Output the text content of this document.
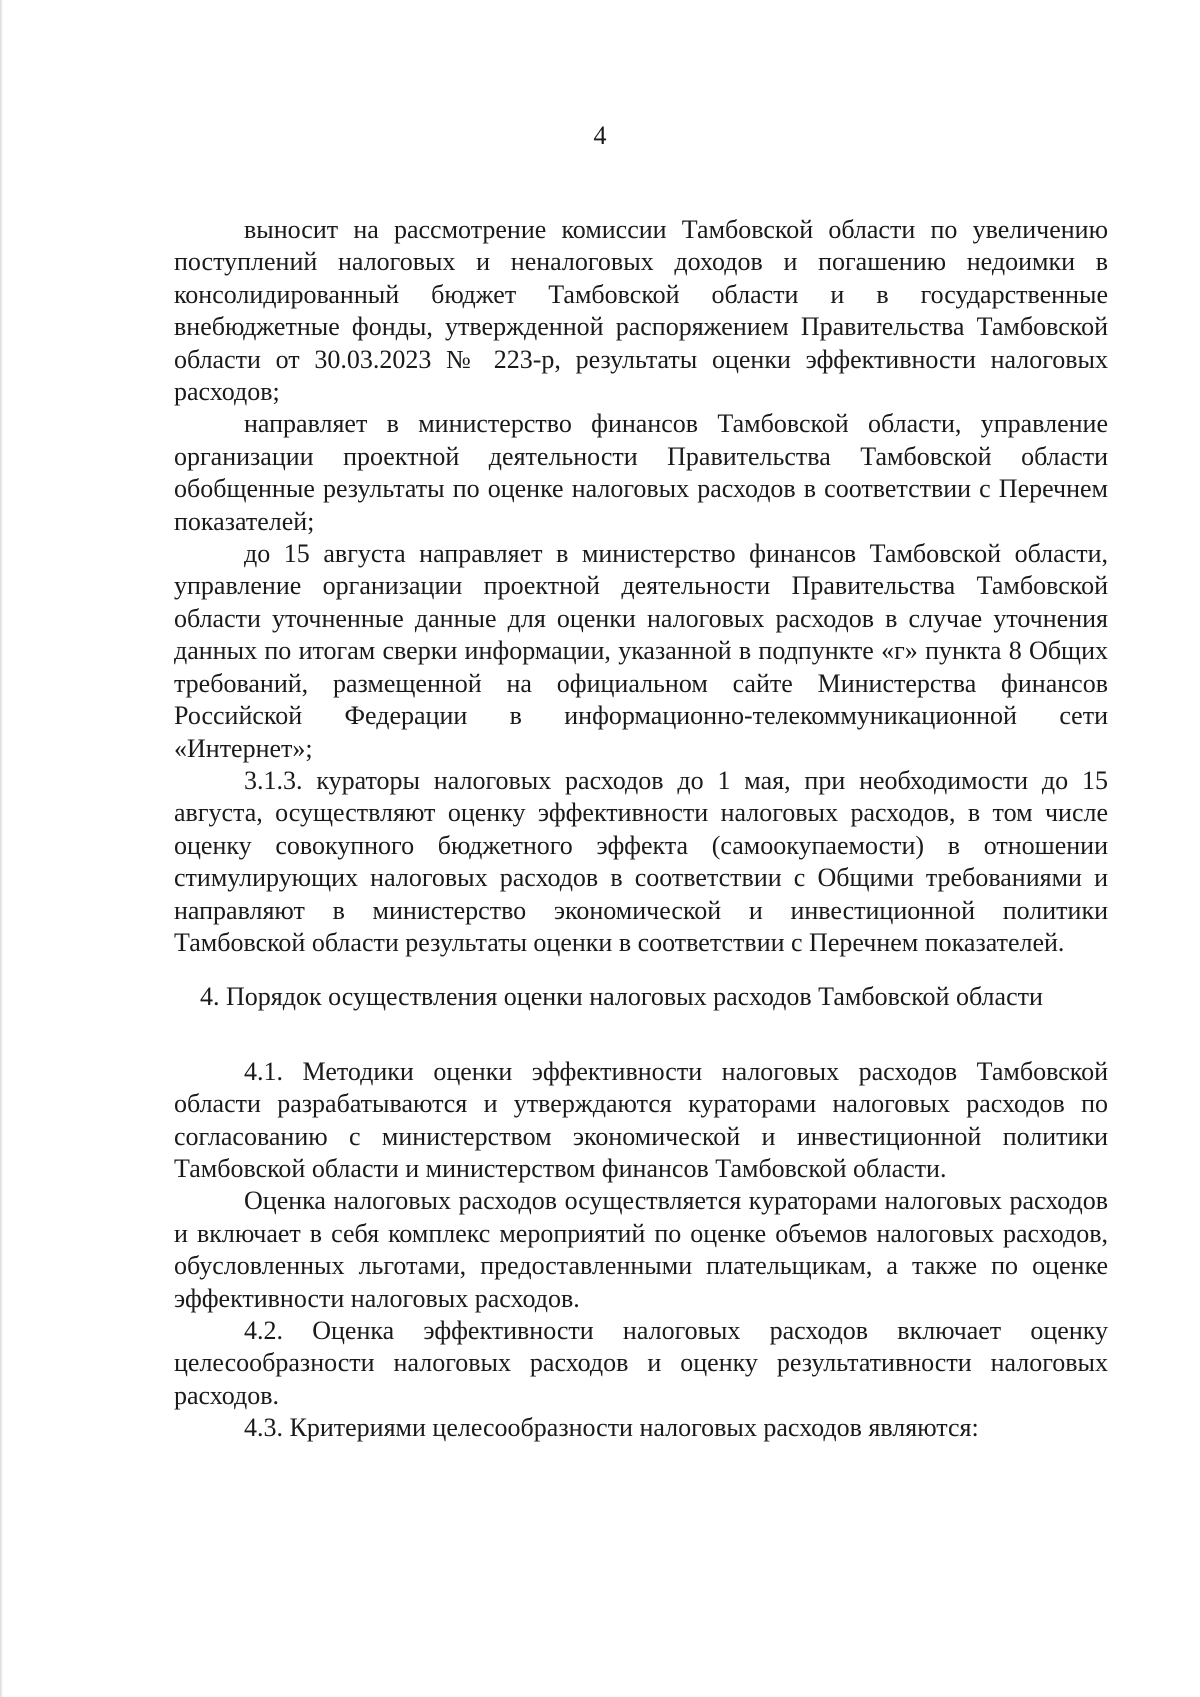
4

выносит на рассмотрение комиссии Тамбовской области по увеличению поступлений налоговых и неналоговых доходов и погашению недоимки в консолидированный бюджет Тамбовской области и в государственные внебюджетные фонды, утвержденной распоряжением Правительства Тамбовской области от 30.03.2023 № 223-р, результаты оценки эффективности налоговых расходов;

направляет в министерство финансов Тамбовской области, управление организации проектной деятельности Правительства Тамбовской области обобщенные результаты по оценке налоговых расходов в соответствии с Перечнем показателей;

до 15 августа направляет в министерство финансов Тамбовской области, управление организации проектной деятельности Правительства Тамбовской области уточненные данные для оценки налоговых расходов в случае уточнения данных по итогам сверки информации, указанной в подпункте «г» пункта 8 Общих требований, размещенной на официальном сайте Министерства финансов Российской Федерации в информационно-телекоммуникационной сети «Интернет»;

3.1.3. кураторы налоговых расходов до 1 мая, при необходимости до 15 августа, осуществляют оценку эффективности налоговых расходов, в том числе оценку совокупного бюджетного эффекта (самоокупаемости) в отношении стимулирующих налоговых расходов в соответствии с Общими требованиями и направляют в министерство экономической и инвестиционной политики Тамбовской области результаты оценки в соответствии с Перечнем показателей.

4. Порядок осуществления оценки налоговых расходов Тамбовской области

4.1. Методики оценки эффективности налоговых расходов Тамбовской области разрабатываются и утверждаются кураторами налоговых расходов по согласованию с министерством экономической и инвестиционной политики Тамбовской области и министерством финансов Тамбовской области.

Оценка налоговых расходов осуществляется кураторами налоговых расходов и включает в себя комплекс мероприятий по оценке объемов налоговых расходов, обусловленных льготами, предоставленными плательщикам, а также по оценке эффективности налоговых расходов.

4.2. Оценка эффективности налоговых расходов включает оценку целесообразности налоговых расходов и оценку результативности налоговых расходов.

4.3. Критериями целесообразности налоговых расходов являются:
